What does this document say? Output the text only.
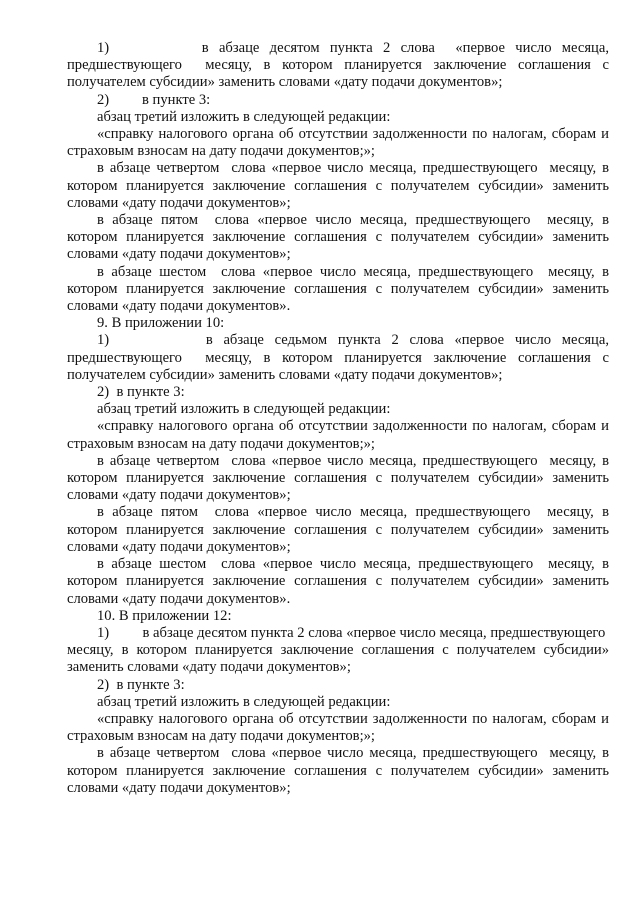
1)         в абзаце десятом пункта 2 слова  «первое число месяца, предшествующего  месяцу, в котором планируется заключение соглашения с получателем субсидии» заменить словами «дату подачи документов»;

2)         в пункте 3:

абзац третий изложить в следующей редакции:

«справку налогового органа об отсутствии задолженности по налогам, сборам и страховым взносам на дату подачи документов;»;

в абзаце четвертом  слова «первое число месяца, предшествующего  месяцу, в котором планируется заключение соглашения с получателем субсидии» заменить словами «дату подачи документов»;

в абзаце пятом  слова «первое число месяца, предшествующего  месяцу, в котором планируется заключение соглашения с получателем субсидии» заменить словами «дату подачи документов»;

в абзаце шестом  слова «первое число месяца, предшествующего  месяцу, в котором планируется заключение соглашения с получателем субсидии» заменить словами «дату подачи документов».

9. В приложении 10:

1)         в абзаце седьмом пункта 2 слова «первое число месяца, предшествующего  месяцу, в котором планируется заключение соглашения с получателем субсидии» заменить словами «дату подачи документов»;

2)  в пункте 3:

абзац третий изложить в следующей редакции:

«справку налогового органа об отсутствии задолженности по налогам, сборам и страховым взносам на дату подачи документов;»;

в абзаце четвертом  слова «первое число месяца, предшествующего  месяцу, в котором планируется заключение соглашения с получателем субсидии» заменить словами «дату подачи документов»;

в абзаце пятом  слова «первое число месяца, предшествующего  месяцу, в котором планируется заключение соглашения с получателем субсидии» заменить словами «дату подачи документов»;

в абзаце шестом  слова «первое число месяца, предшествующего  месяцу, в котором планируется заключение соглашения с получателем субсидии» заменить словами «дату подачи документов».

10. В приложении 12:

1)         в абзаце десятом пункта 2 слова «первое число месяца, предшествующего  месяцу, в котором планируется заключение соглашения с получателем субсидии» заменить словами «дату подачи документов»;

2)  в пункте 3:

абзац третий изложить в следующей редакции:

«справку налогового органа об отсутствии задолженности по налогам, сборам и страховым взносам на дату подачи документов;»;

в абзаце четвертом  слова «первое число месяца, предшествующего  месяцу, в котором планируется заключение соглашения с получателем субсидии» заменить словами «дату подачи документов»;
